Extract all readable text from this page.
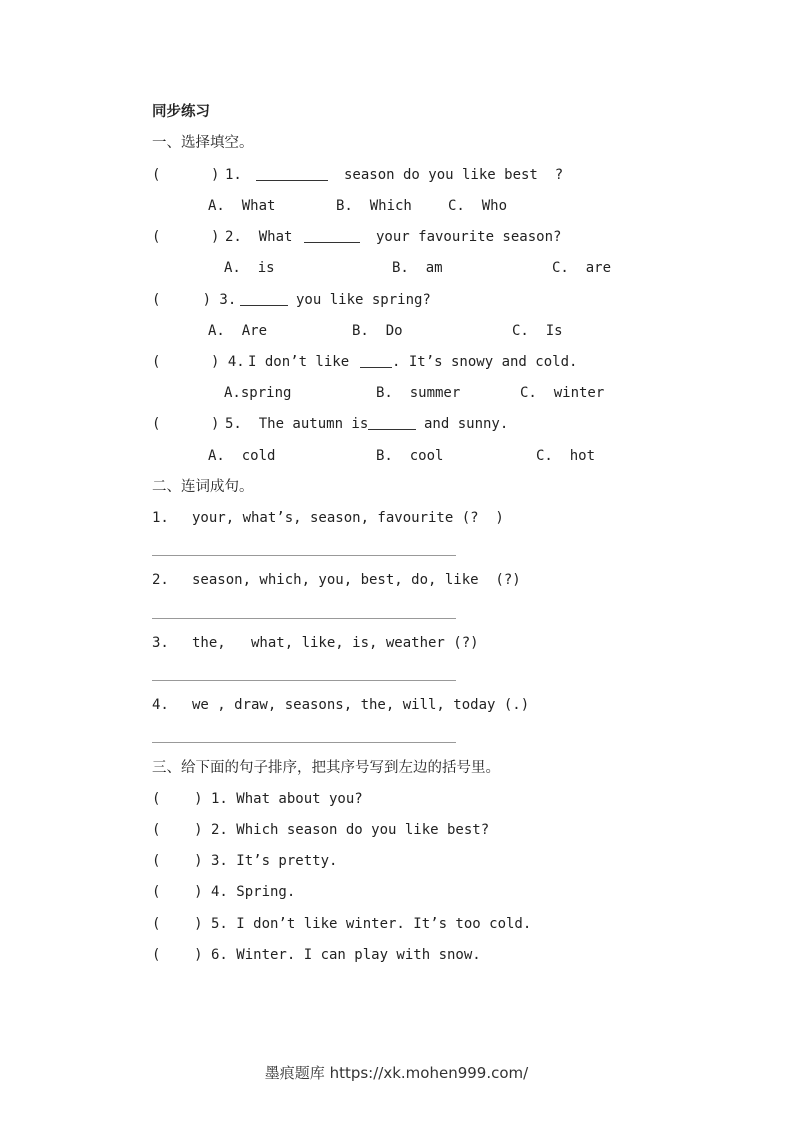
同步练习
一、选择填空。
(      ) 1.	season do you like best  ?
A.  What	B.  Which	C.  Who
(      ) 2.  What	your favourite season?
A.  is	B.  am	C.  are
(     ) 3.	you like spring?
A.  Are	B.  Do	C.  Is
(      ) 4. I don’t like	. It’s snowy and cold.
A.spring	B.  summer	C.  winter
(      ) 5.  The autumn is	and sunny.
A.  cold	B.  cool	C.  hot
二、连词成句。
1. your, what’s, season, favourite (?  )
2. season, which, you, best, do, like  (?)
3. the,   what, like, is, weather (?)
4. we , draw, seasons, the, will, today (.)
三、给下面的句子排序，把其序号写到左边的括号里。
(    ) 1. What about you?
(    ) 2. Which season do you like best?
(    ) 3. It’s pretty.
(    ) 4. Spring.
(    ) 5. I don’t like winter. It’s too cold.
(    ) 6. Winter. I can play with snow.
墨痕题库 https://xk.mohen999.com/
